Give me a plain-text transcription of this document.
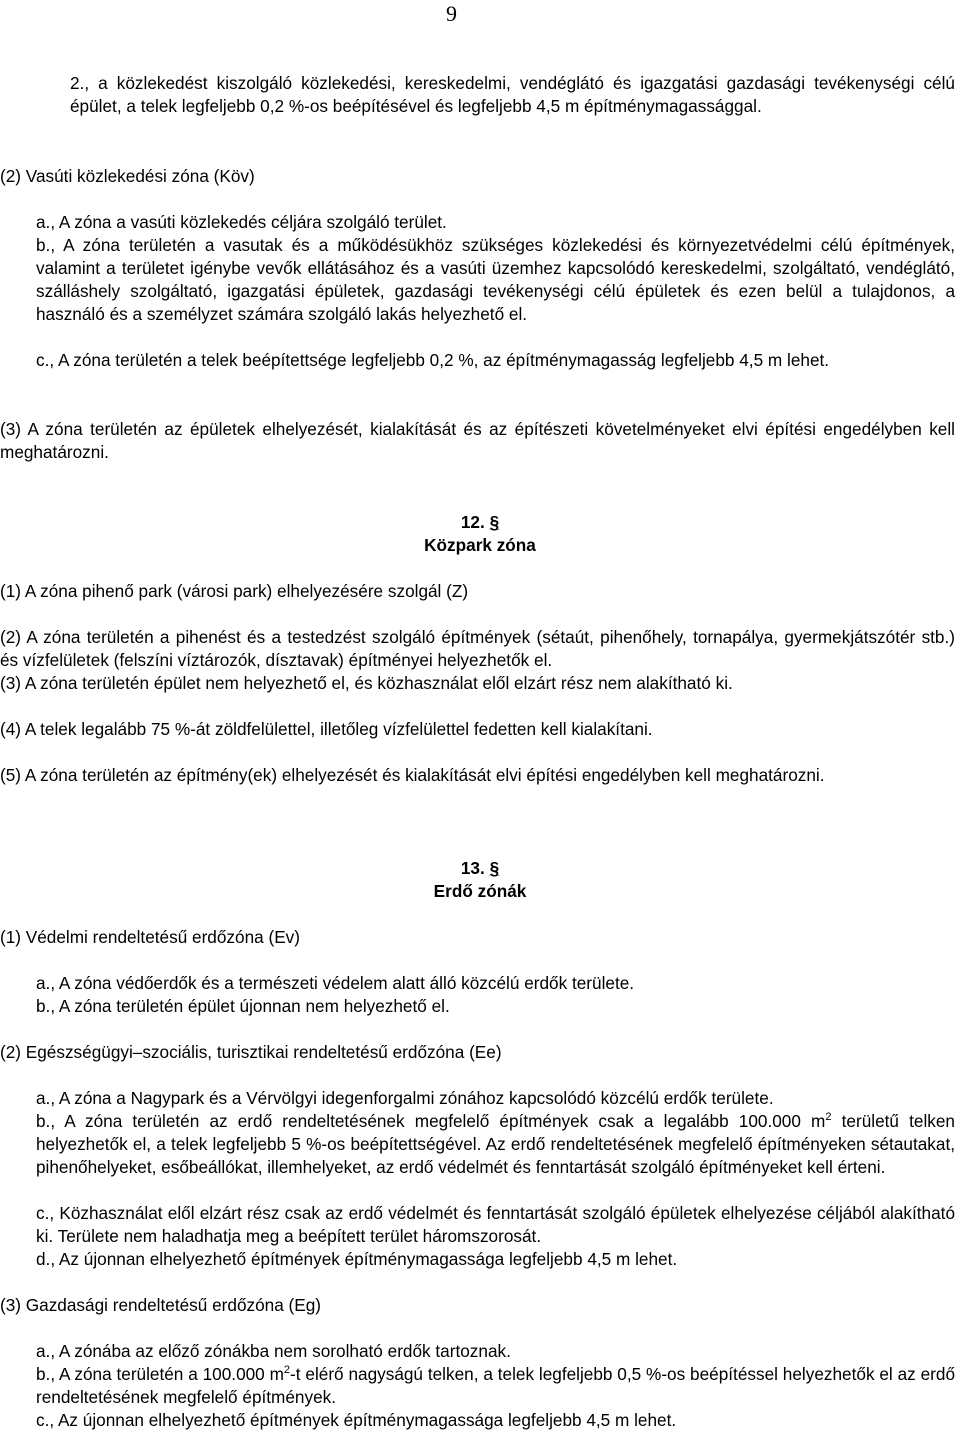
9
2., a közlekedést kiszolgáló közlekedési, kereskedelmi, vendéglátó és igazgatási gazdasági tevékenységi célú épület, a telek legfeljebb 0,2 %-os beépítésével és legfeljebb 4,5 m építménymagassággal.
(2) Vasúti közlekedési zóna (Köv)
a., A zóna a vasúti közlekedés céljára szolgáló terület.
b., A zóna területén a vasutak és a működésükhöz szükséges közlekedési és környezetvédelmi célú építmények, valamint a területet igénybe vevők ellátásához és a vasúti üzemhez kapcsolódó kereskedelmi, szolgáltató, vendéglátó, szálláshely szolgáltató, igazgatási épületek, gazdasági tevékenységi célú épületek és ezen belül a tulajdonos, a használó és a személyzet számára szolgáló lakás helyezhető el.
c., A zóna területén a telek beépítettsége legfeljebb 0,2 %, az építménymagasság legfeljebb 4,5 m lehet.
(3) A zóna területén az épületek elhelyezését, kialakítását és az építészeti követelményeket elvi építési engedélyben kell meghatározni.
12. §
Közpark zóna
(1) A zóna pihenő park (városi park) elhelyezésére szolgál (Z)
(2) A zóna területén a pihenést és a testedzést szolgáló építmények (sétaút, pihenőhely, tornapálya, gyermekjátszótér stb.) és vízfelületek (felszíni víztározók, dísztavak) építményei helyezhetők el.
(3) A zóna területén épület nem helyezhető el, és közhasználat elől elzárt rész nem alakítható ki.
(4) A telek legalább 75 %-át zöldfelülettel, illetőleg vízfelülettel fedetten kell kialakítani.
(5) A zóna területén az építmény(ek) elhelyezését és kialakítását elvi építési engedélyben kell meghatározni.
13. §
Erdő zónák
(1) Védelmi rendeltetésű erdőzóna (Ev)
a., A zóna védőerdők és a természeti védelem alatt álló közcélú erdők területe.
b., A zóna területén épület újonnan nem helyezhető el.
(2) Egészségügyi–szociális, turisztikai rendeltetésű erdőzóna (Ee)
a., A zóna a Nagypark és a Vérvölgyi idegenforgalmi zónához kapcsolódó közcélú erdők területe.
b., A zóna területén az erdő rendeltetésének megfelelő építmények csak a legalább 100.000 $m^2$ területű telken helyezhetők el, a telek legfeljebb 5 %-os beépítettségével. Az erdő rendeltetésének megfelelő építményeken sétautakat, pihenőhelyeket, esőbeállókat, illemhelyeket, az erdő védelmét és fenntartását szolgáló építményeket kell érteni.
c., Közhasználat elől elzárt rész csak az erdő védelmét és fenntartását szolgáló épületek elhelyezése céljából alakítható ki. Területe nem haladhatja meg a beépített terület háromszorosát.
d., Az újonnan elhelyezhető építmények építménymagassága legfeljebb 4,5 m lehet.
(3) Gazdasági rendeltetésű erdőzóna (Eg)
a., A zónába az előző zónákba nem sorolható erdők tartoznak.
b., A zóna területén a 100.000 $m^2-t$ elérő nagyságú telken, a telek legfeljebb 0,5 %-os beépítéssel helyezhetők el az erdő rendeltetésének megfelelő építmények.
c., Az újonnan elhelyezhető építmények építménymagassága legfeljebb 4,5 m lehet.
